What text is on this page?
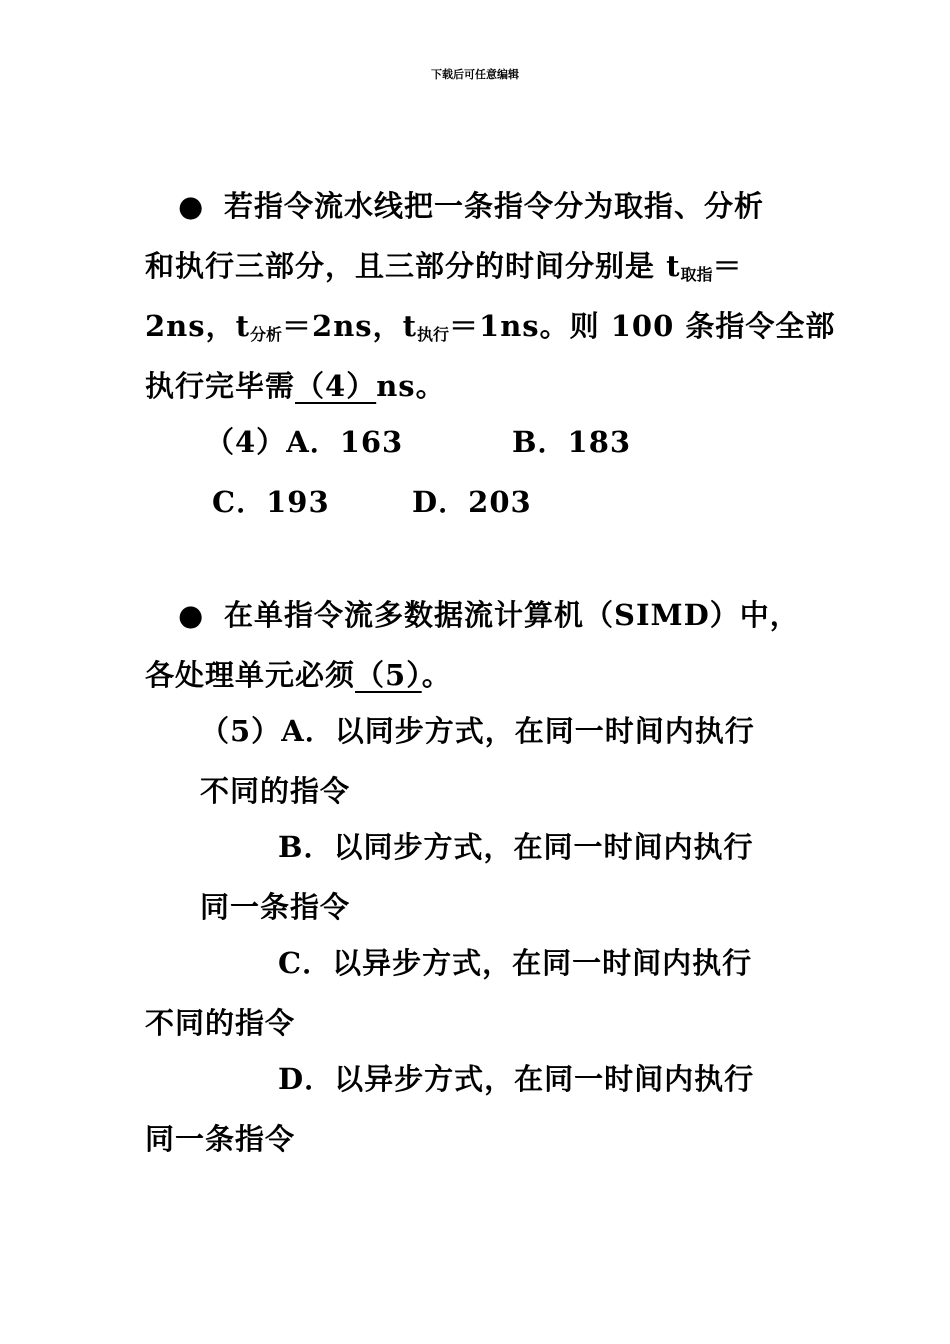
下载后可任意编辑
● 若指令流水线把一条指令分为取指、分析
和执行三部分，且三部分的时间分别是 $t_{取指}=$
2ns，$t_{分析}=2ns$，$t_{执行}=1ns$。则 100 条指令全部
执行完毕需（4）ns。
（4）A．163	B．183
C．193	D．203
● 在单指令流多数据流计算机（SIMD）中，
各处理单元必须（5）。
（5）A．以同步方式，在同一时间内执行
不同的指令
B．以同步方式，在同一时间内执行
同一条指令
C．以异步方式，在同一时间内执行
不同的指令
D．以异步方式，在同一时间内执行
同一条指令
